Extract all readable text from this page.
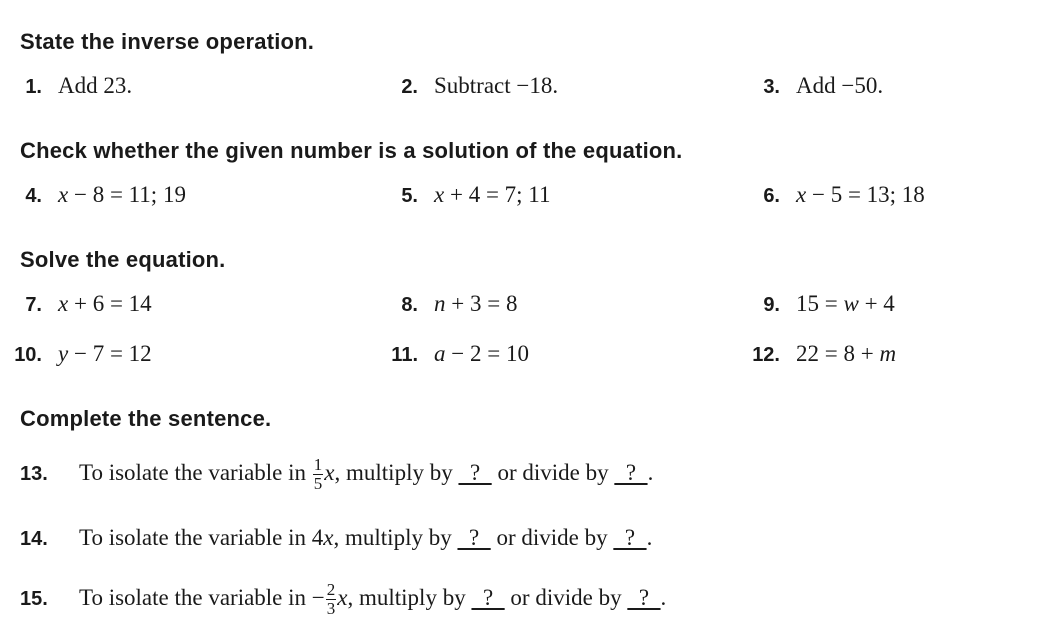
State the inverse operation.
1. Add 23.	2. Subtract −18.	3. Add −50.
Check whether the given number is a solution of the equation.
4. x − 8 = 11; 19	5. x + 4 = 7; 11	6. x − 5 = 13; 18
Solve the equation.
7. x + 6 = 14	8. n + 3 = 8	9. 15 = w + 4
10. y − 7 = 12	11. a − 2 = 10	12. 22 = 8 + m
Complete the sentence.
13. To isolate the variable in $\frac{1}{5} x$, multiply by   ?   or divide by   ?  .
14. To isolate the variable in 4x, multiply by   ?   or divide by   ?  .
15. To isolate the variable in − $\frac{2}{3} x$, multiply by   ?   or divide by   ?  .
